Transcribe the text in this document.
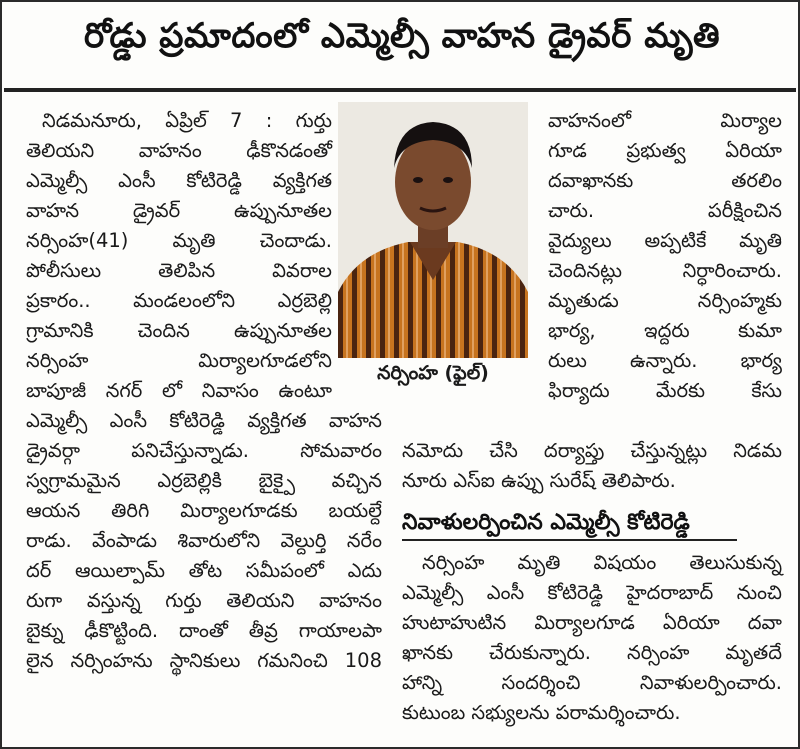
రోడ్డు ప్రమాదంలో ఎమ్మెల్సీ వాహన డ్రైవర్ మృతి
నిడమనూరు, ఏప్రిల్ 7 : గుర్తు
తెలియని వాహనం ఢీకొనడంతో
ఎమ్మెల్సీ ఎంసీ కోటిరెడ్డి వ్యక్తిగత
వాహన డ్రైవర్ ఉప్పునూతల
నర్సింహ(41) మృతి చెందాడు.
పోలీసులు తెలిపిన వివరాల
ప్రకారం.. మండలంలోని ఎర్రబెల్లి
గ్రామానికి చెందిన ఉప్పునూతల
నర్సింహ మిర్యాలగూడలోని
బాపూజీ నగర్ లో నివాసం ఉంటూ
నర్సింహ (ఫైల్)
వాహనంలో మిర్యాల
గూడ ప్రభుత్వ ఏరియా
దవాఖానకు తరలిం
చారు. పరీక్షించిన
వైద్యులు అప్పటికే మృతి
చెందినట్లు నిర్ధారించారు.
మృతుడు నర్సింహ్మకు
భార్య, ఇద్దరు కుమా
రులు ఉన్నారు. భార్య
ఫిర్యాదు మేరకు కేసు
ఎమ్మెల్సీ ఎంసీ కోటిరెడ్డి వ్యక్తిగత వాహన
డ్రైవర్గా పనిచేస్తున్నాడు. సోమవారం
స్వగ్రామమైన ఎర్రబెల్లికి బైక్పై వచ్చిన
ఆయన తిరిగి మిర్యాలగూడకు బయల్దే
రాడు. వేంపాడు శివారులోని వెల్దుర్తి నరేం
దర్ ఆయిల్పామ్ తోట సమీపంలో ఎదు
రుగా వస్తున్న గుర్తు తెలియని వాహనం
బైక్ను ఢీకొట్టింది. దాంతో తీవ్ర గాయాలపా
లైన నర్సింహను స్థానికులు గమనించి 108
నమోదు చేసి దర్యాప్తు చేస్తున్నట్లు నిడమ
నూరు ఎస్ఐ ఉప్పు సురేష్ తెలిపారు.
నివాళులర్పించిన ఎమ్మెల్సీ కోటిరెడ్డి
నర్సింహ మృతి విషయం తెలుసుకున్న
ఎమ్మెల్సీ ఎంసీ కోటిరెడ్డి హైదరాబాద్ నుంచి
హుటాహుటిన మిర్యాలగూడ ఏరియా దవా
ఖానకు చేరుకున్నారు. నర్సింహ మృతదే
హాన్ని సందర్శించి నివాళులర్పించారు.
కుటుంబ సభ్యులను పరామర్శించారు.
